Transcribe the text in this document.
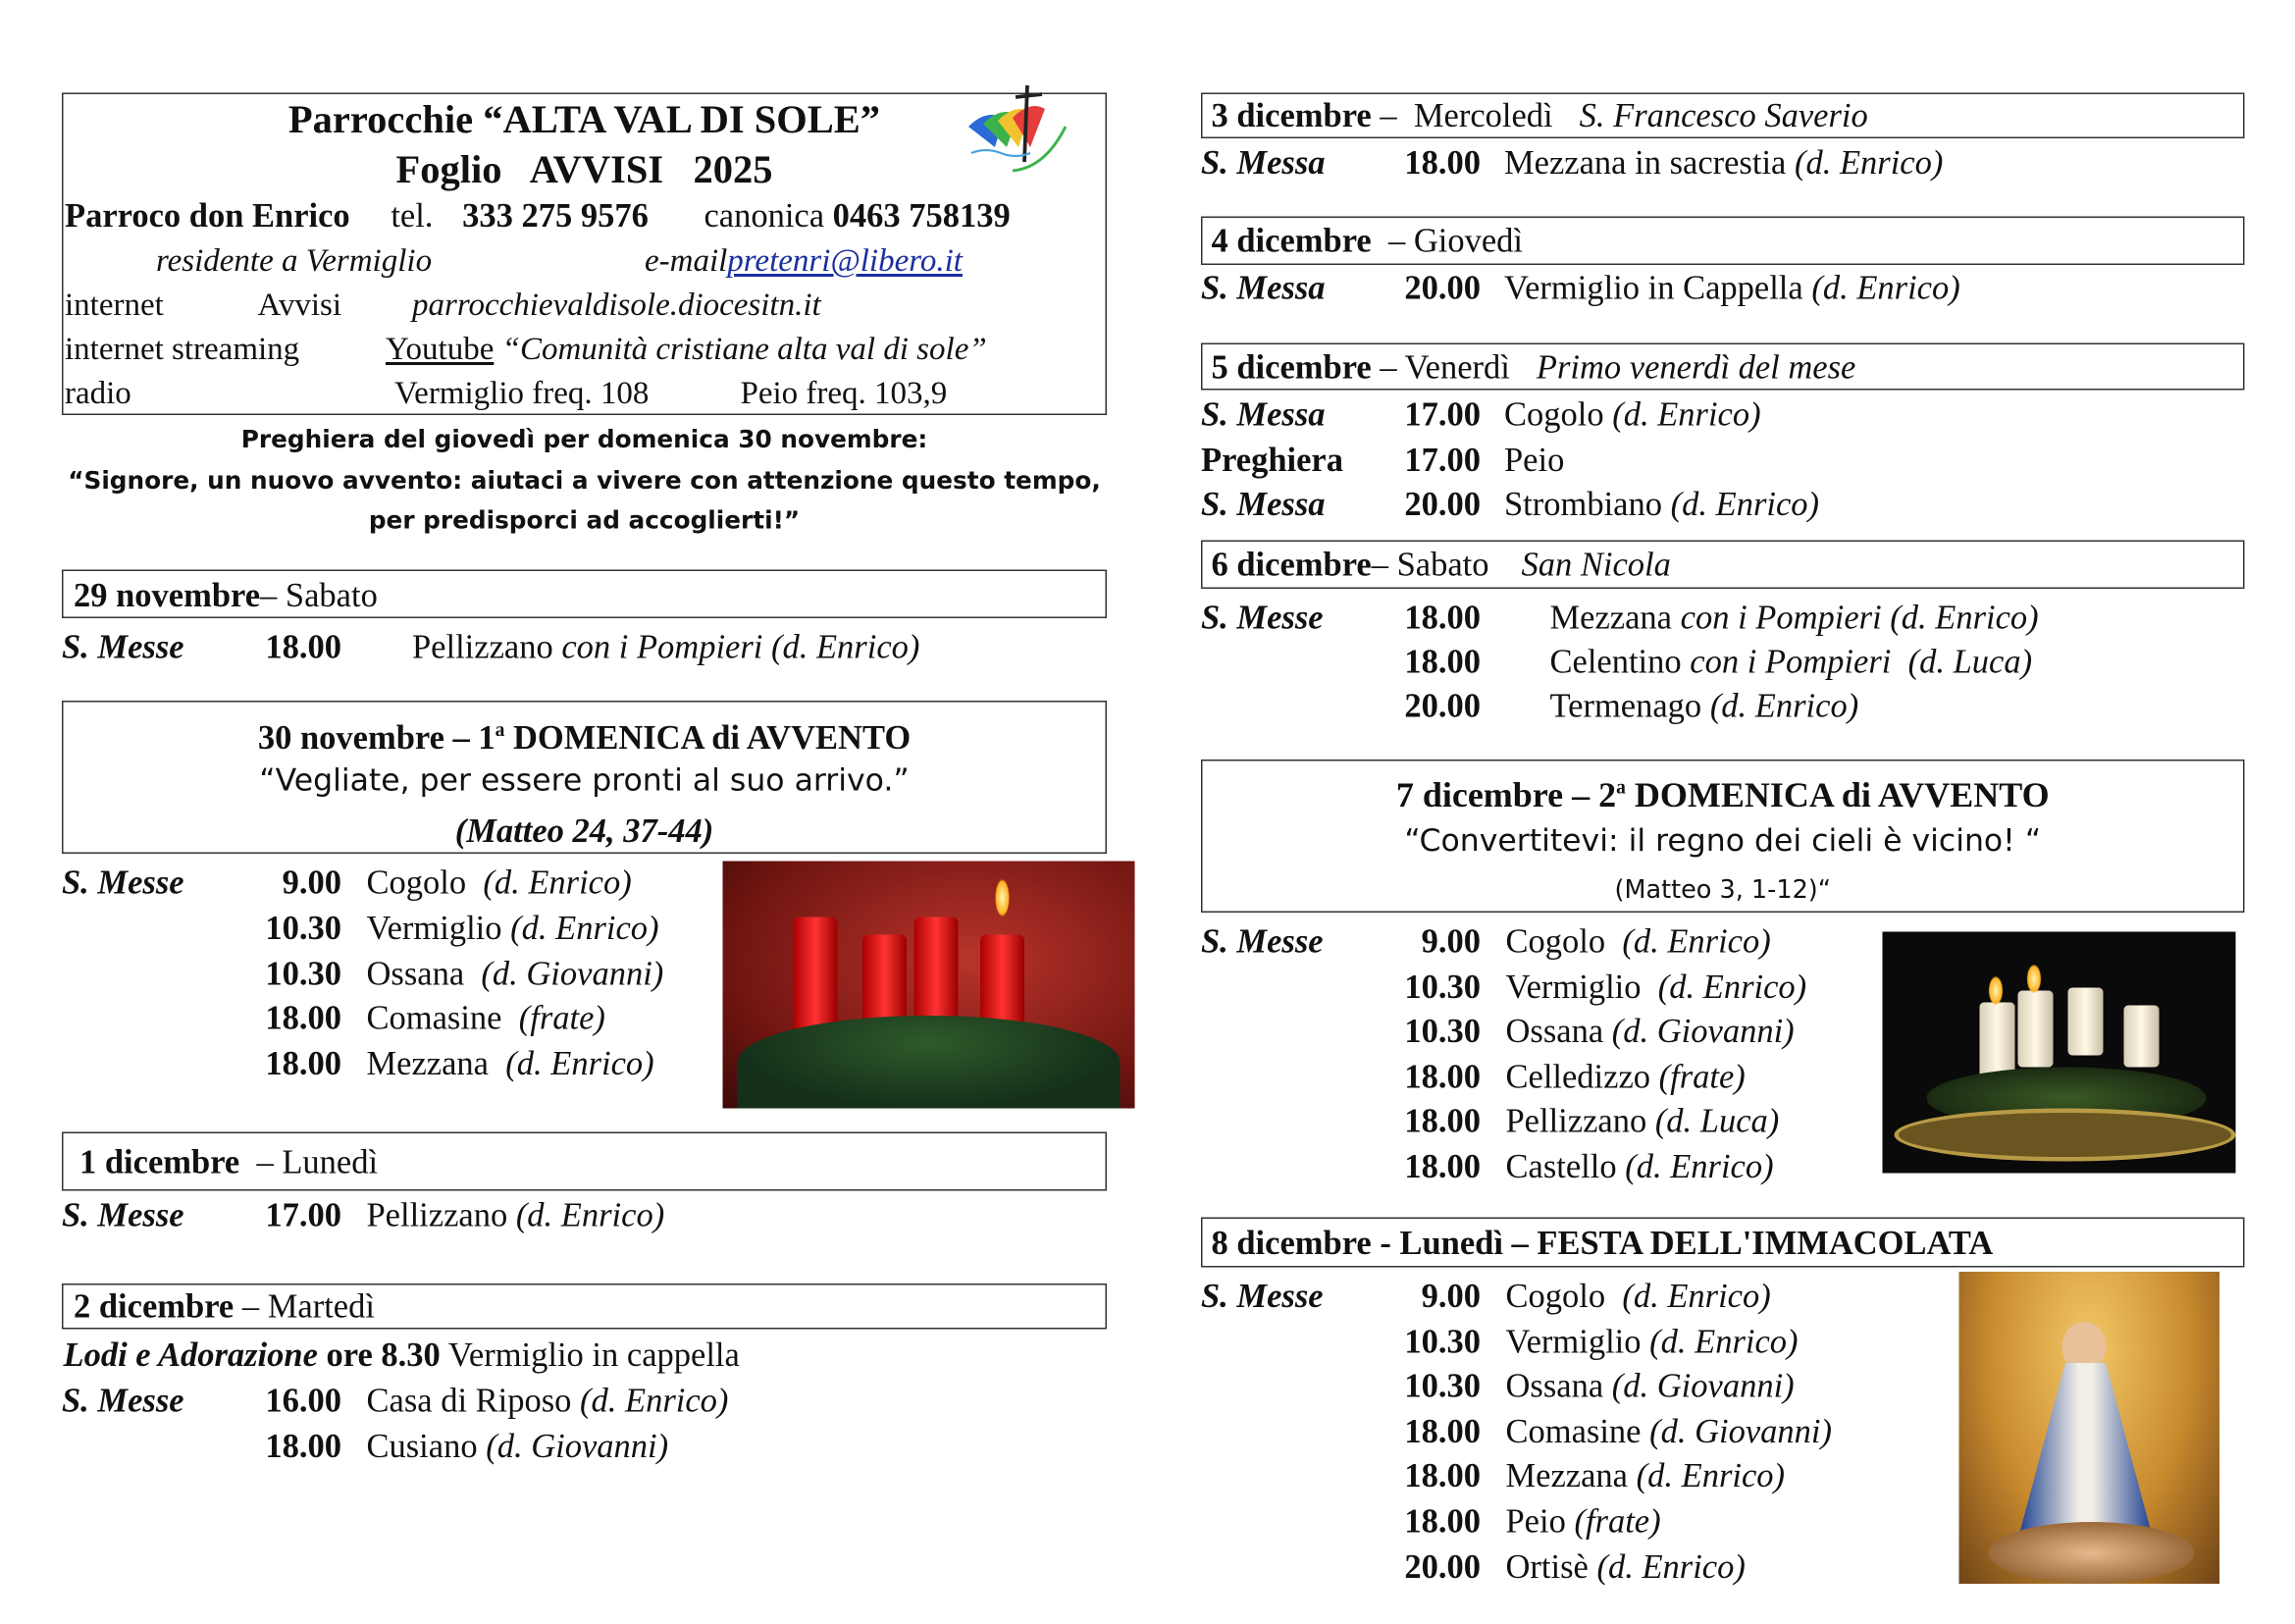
Parrocchie “ALTA VAL DI SOLE”
Foglio   AVVISI   2025
Parroco don Enrico tel. 333 275 9576 canonica 0463 758139
residente a Vermiglio	e-mailpretenri@libero.it
internet	Avvisi	parrocchievaldisole.diocesitn.it
internet streaming	Youtube “Comunità cristiane alta val di sole”
radio	Vermiglio freq. 108	Peio freq. 103,9
Preghiera del giovedì per domenica 30 novembre:
“Signore, un nuovo avvento: aiutaci a vivere con attenzione questo tempo,
per predisporci ad accoglierti!”
29 novembre– Sabato
S. Messe	18.00	Pellizzano con i Pompieri (d. Enrico)
30 novembre – 1$^a$ DOMENICA di AVVENTO
“Vegliate, per essere pronti al suo arrivo.”
(Matteo 24, 37-44)
S. Messe	9.00 Cogolo  (d. Enrico)
10.30 Vermiglio (d. Enrico)
10.30 Ossana  (d. Giovanni)
18.00 Comasine  (frate)
18.00 Mezzana  (d. Enrico)
1 dicembre  – Lunedì
S. Messe	17.00 Pellizzano (d. Enrico)
2 dicembre – Martedì
Lodi e Adorazione ore 8.30 Vermiglio in cappella
S. Messe	16.00 Casa di Riposo (d. Enrico)
18.00 Cusiano (d. Giovanni)
3 dicembre –  Mercoledì S. Francesco Saverio
S. Messa	18.00 Mezzana in sacrestia (d. Enrico)
4 dicembre  – Giovedì
S. Messa	20.00 Vermiglio in Cappella (d. Enrico)
5 dicembre – Venerdì Primo venerdì del mese
S. Messa	17.00 Cogolo (d. Enrico)
Preghiera	17.00 Peio
S. Messa	20.00 Strombiano (d. Enrico)
6 dicembre– Sabato San Nicola
S. Messe	18.00	Mezzana con i Pompieri (d. Enrico)
18.00	Celentino con i Pompieri  (d. Luca)
20.00	Termenago (d. Enrico)
7 dicembre – 2$^a$ DOMENICA di AVVENTO
“Convertitevi: il regno dei cieli è vicino! “
(Matteo 3, 1-12)“
S. Messe	9.00 Cogolo  (d. Enrico)
10.30 Vermiglio  (d. Enrico)
10.30 Ossana (d. Giovanni)
18.00 Celledizzo (frate)
18.00 Pellizzano (d. Luca)
18.00 Castello (d. Enrico)
8 dicembre - Lunedì – FESTA DELL'IMMACOLATA
S. Messe	9.00 Cogolo  (d. Enrico)
10.30 Vermiglio (d. Enrico)
10.30 Ossana (d. Giovanni)
18.00 Comasine (d. Giovanni)
18.00 Mezzana (d. Enrico)
18.00 Peio (frate)
20.00 Ortisè (d. Enrico)
